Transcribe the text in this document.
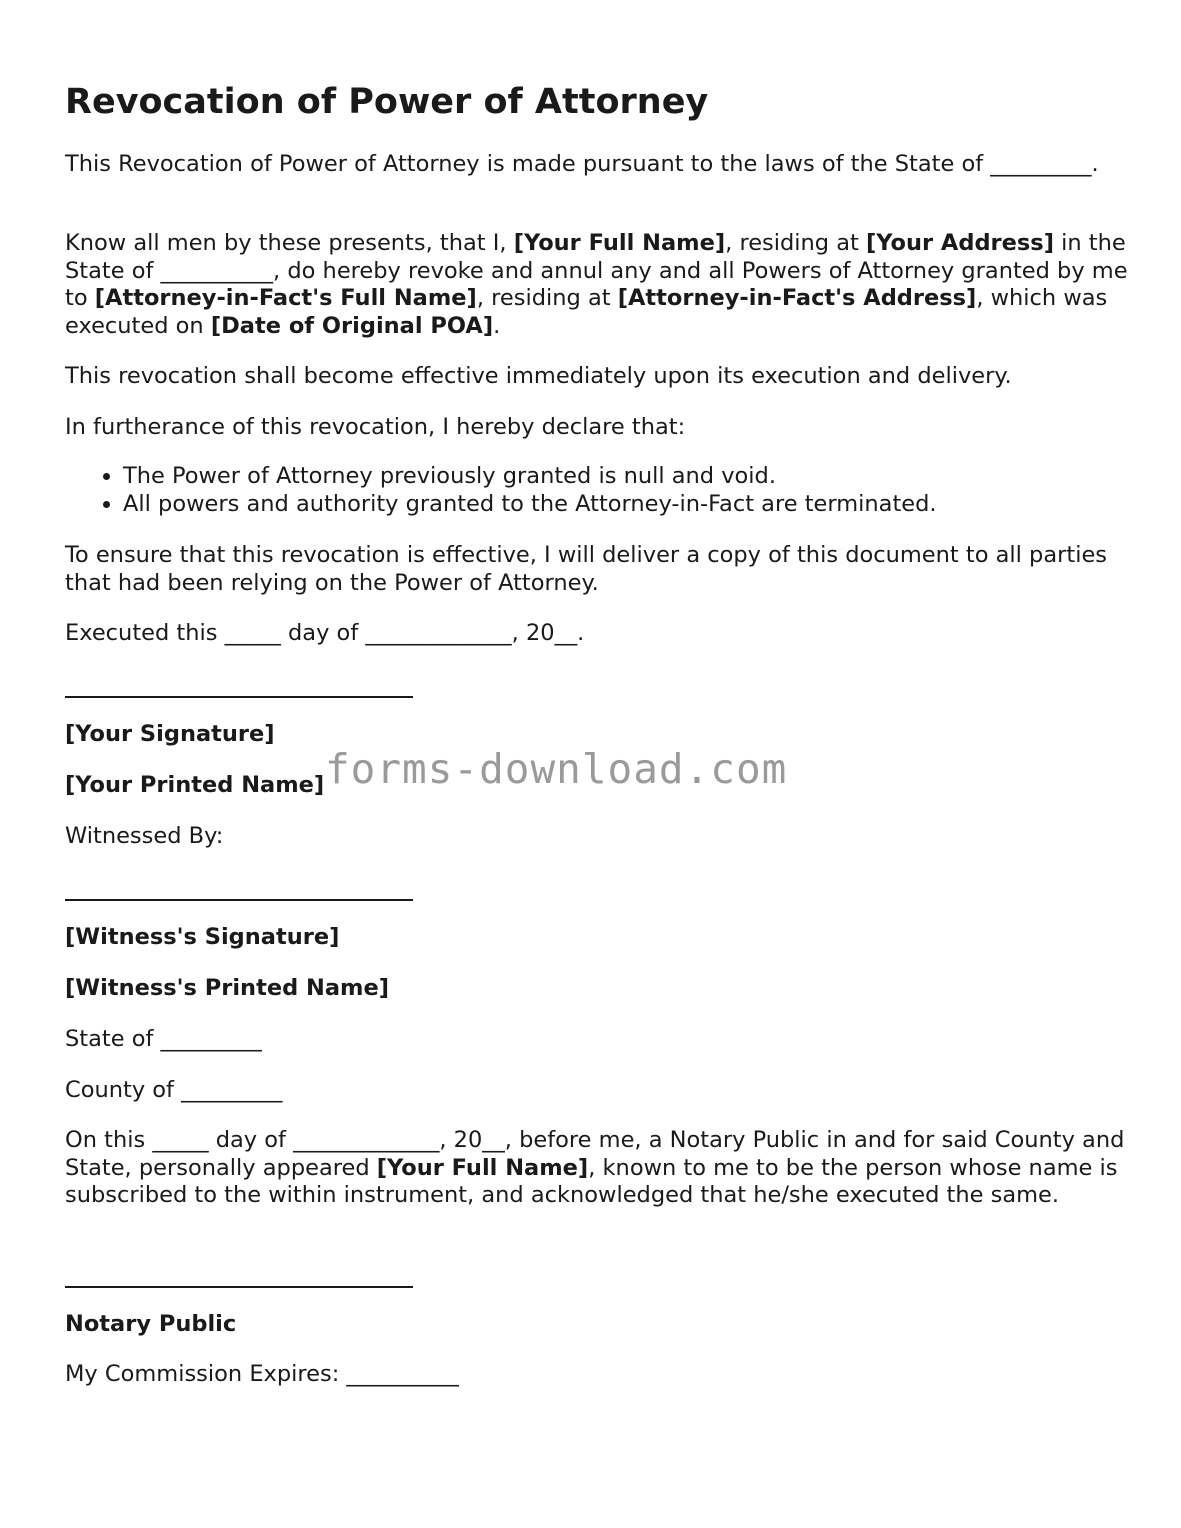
Revocation of Power of Attorney

This Revocation of Power of Attorney is made pursuant to the laws of the State of _________.

Know all men by these presents, that I, [Your Full Name], residing at [Your Address] in the State of __________, do hereby revoke and annul any and all Powers of Attorney granted by me to [Attorney-in-Fact's Full Name], residing at [Attorney-in-Fact's Address], which was executed on [Date of Original POA].

This revocation shall become effective immediately upon its execution and delivery.

In furtherance of this revocation, I hereby declare that:

• The Power of Attorney previously granted is null and void.
• All powers and authority granted to the Attorney-in-Fact are terminated.

To ensure that this revocation is effective, I will deliver a copy of this document to all parties that had been relying on the Power of Attorney.

Executed this _____ day of _____________, 20__.

[Your Signature]

[Your Printed Name]

Witnessed By:

[Witness's Signature]

[Witness's Printed Name]

State of _________

County of _________

On this _____ day of _____________, 20__, before me, a Notary Public in and for said County and State, personally appeared [Your Full Name], known to me to be the person whose name is subscribed to the within instrument, and acknowledged that he/she executed the same.

Notary Public

My Commission Expires: __________

forms-download.com
